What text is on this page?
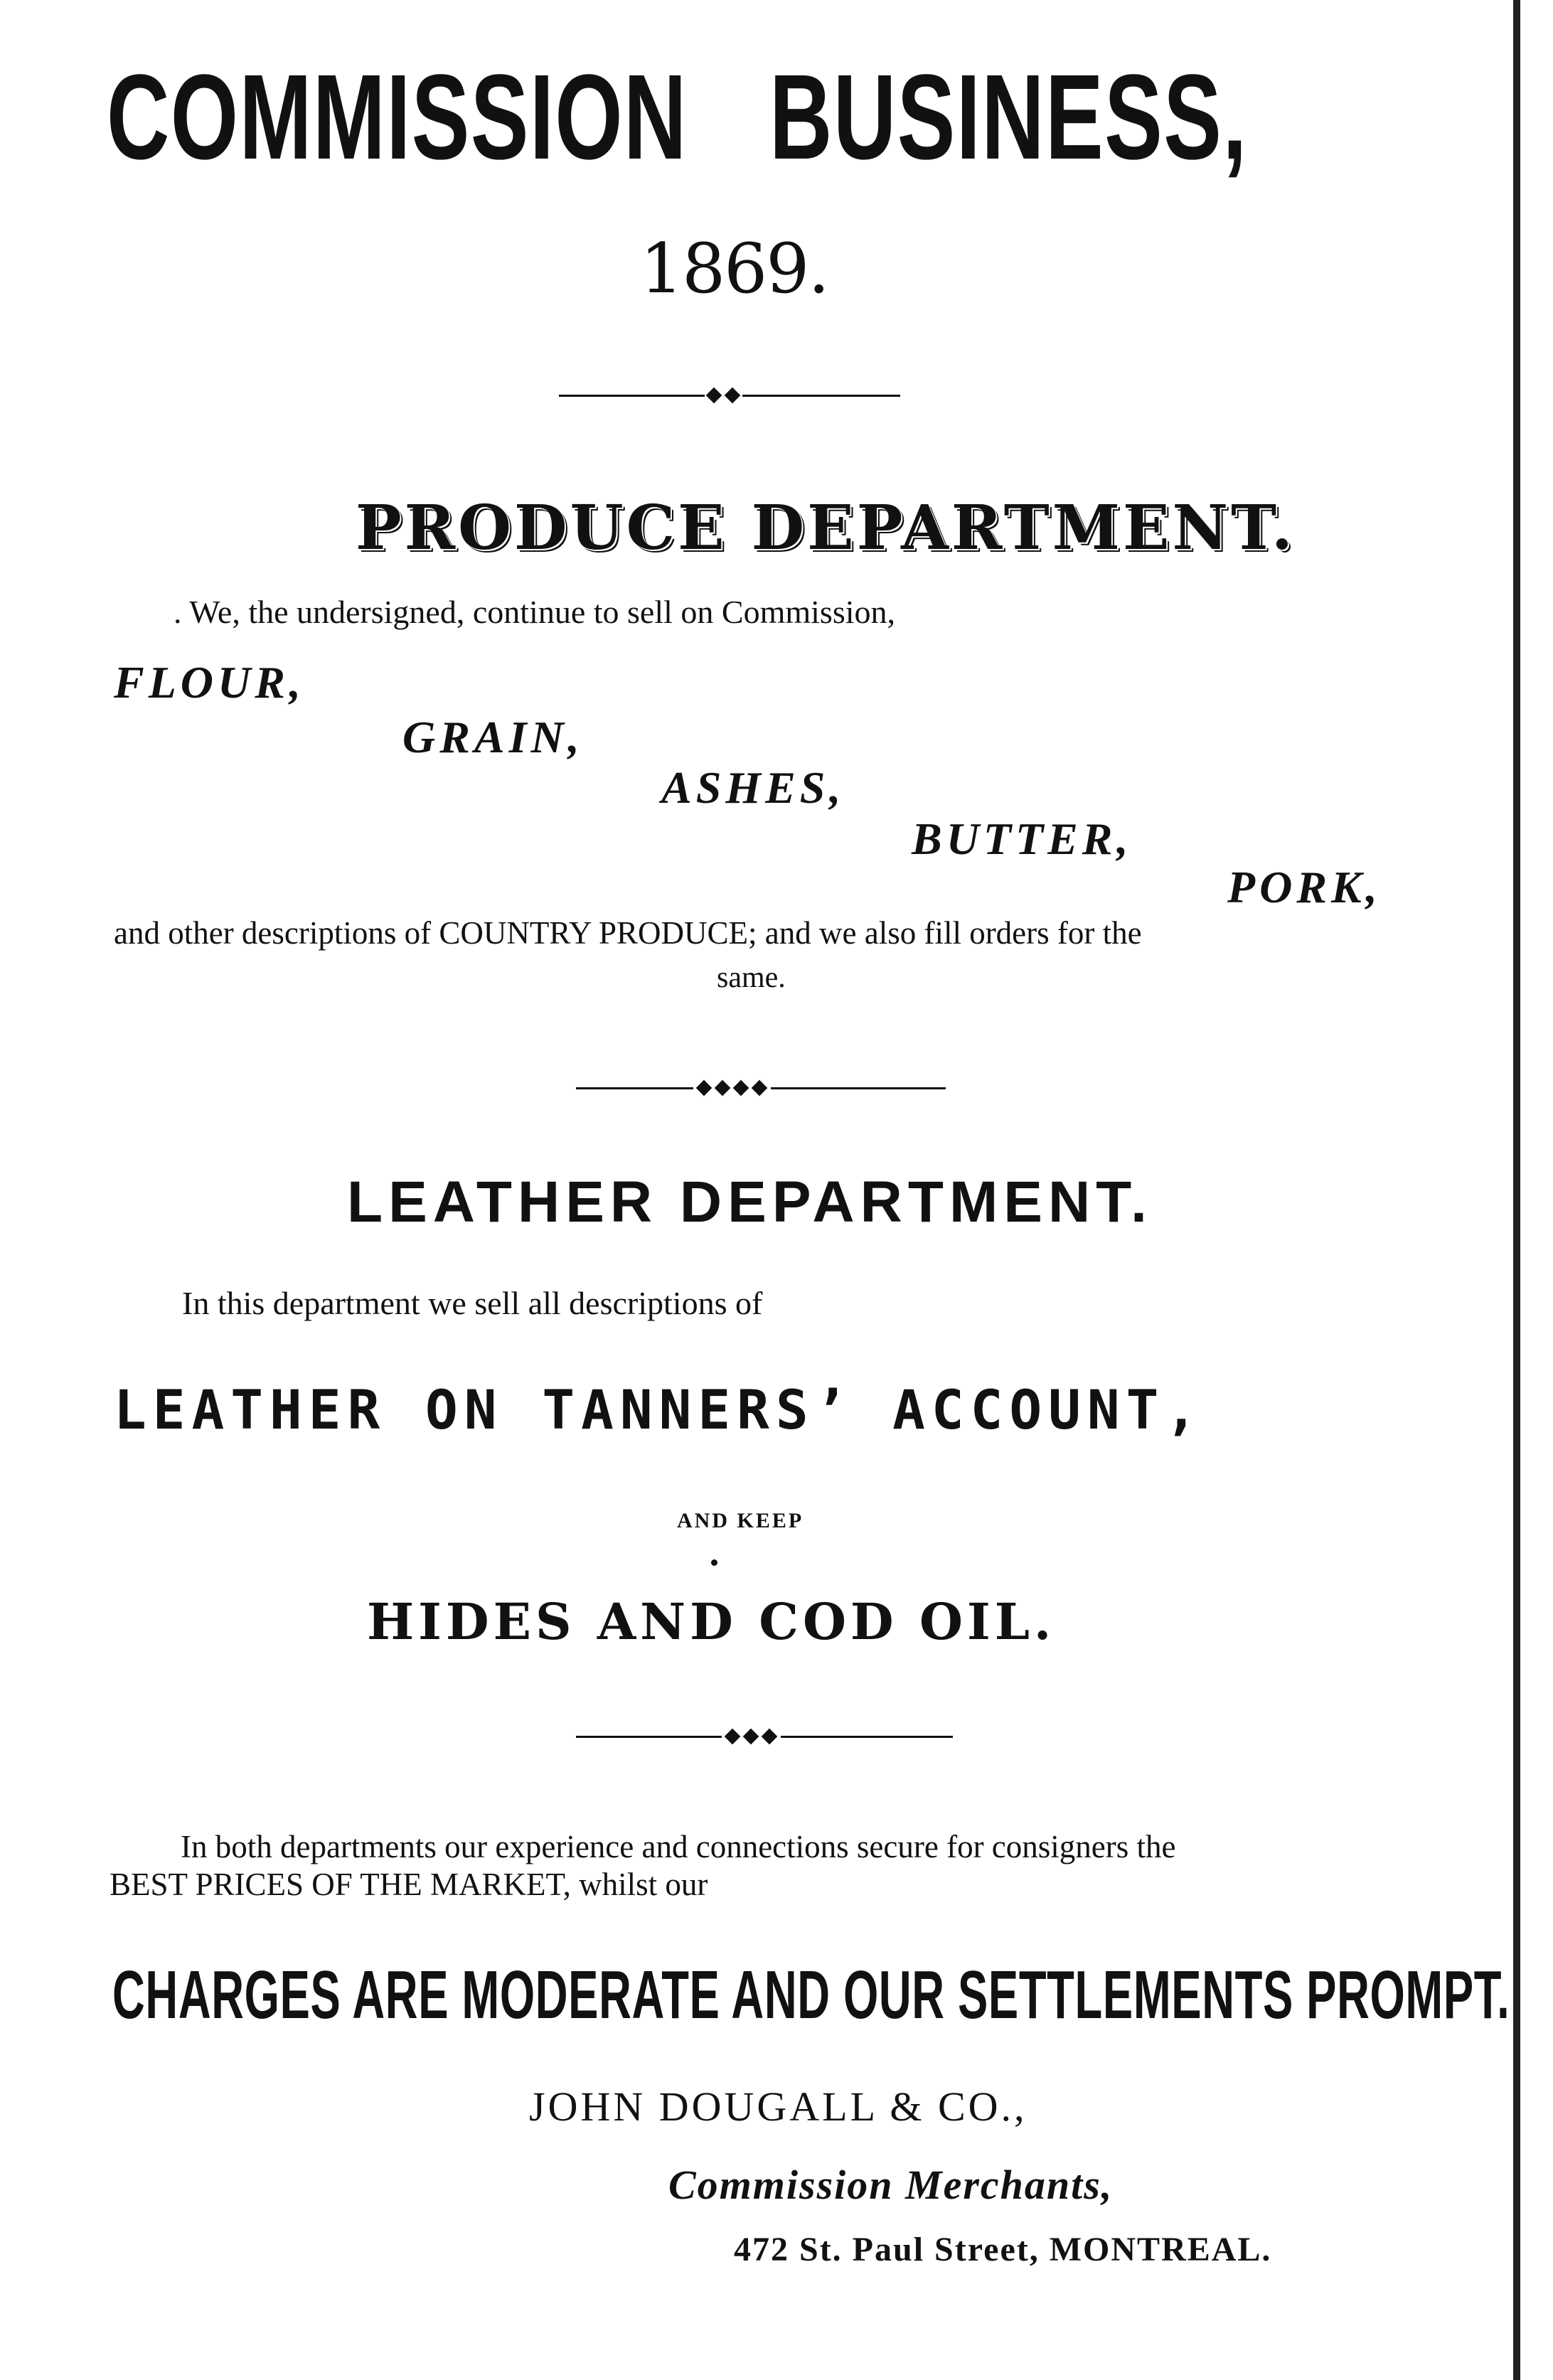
COMMISSION BUSINESS,
1869.
PRODUCE DEPARTMENT.
. We, the undersigned, continue to sell on Commission,
FLOUR,
GRAIN,
ASHES,
BUTTER,
PORK,
and other descriptions of COUNTRY PRODUCE; and we also fill orders for the
same.
LEATHER DEPARTMENT.
In this department we sell all descriptions of
LEATHER ON TANNERS’ ACCOUNT,
AND KEEP
HIDES AND COD OIL.
In both departments our experience and connections secure for consigners the
BEST PRICES OF THE MARKET, whilst our
CHARGES ARE MODERATE AND OUR SETTLEMENTS PROMPT.
JOHN DOUGALL & CO.,
Commission Merchants,
472 St. Paul Street, MONTREAL.
